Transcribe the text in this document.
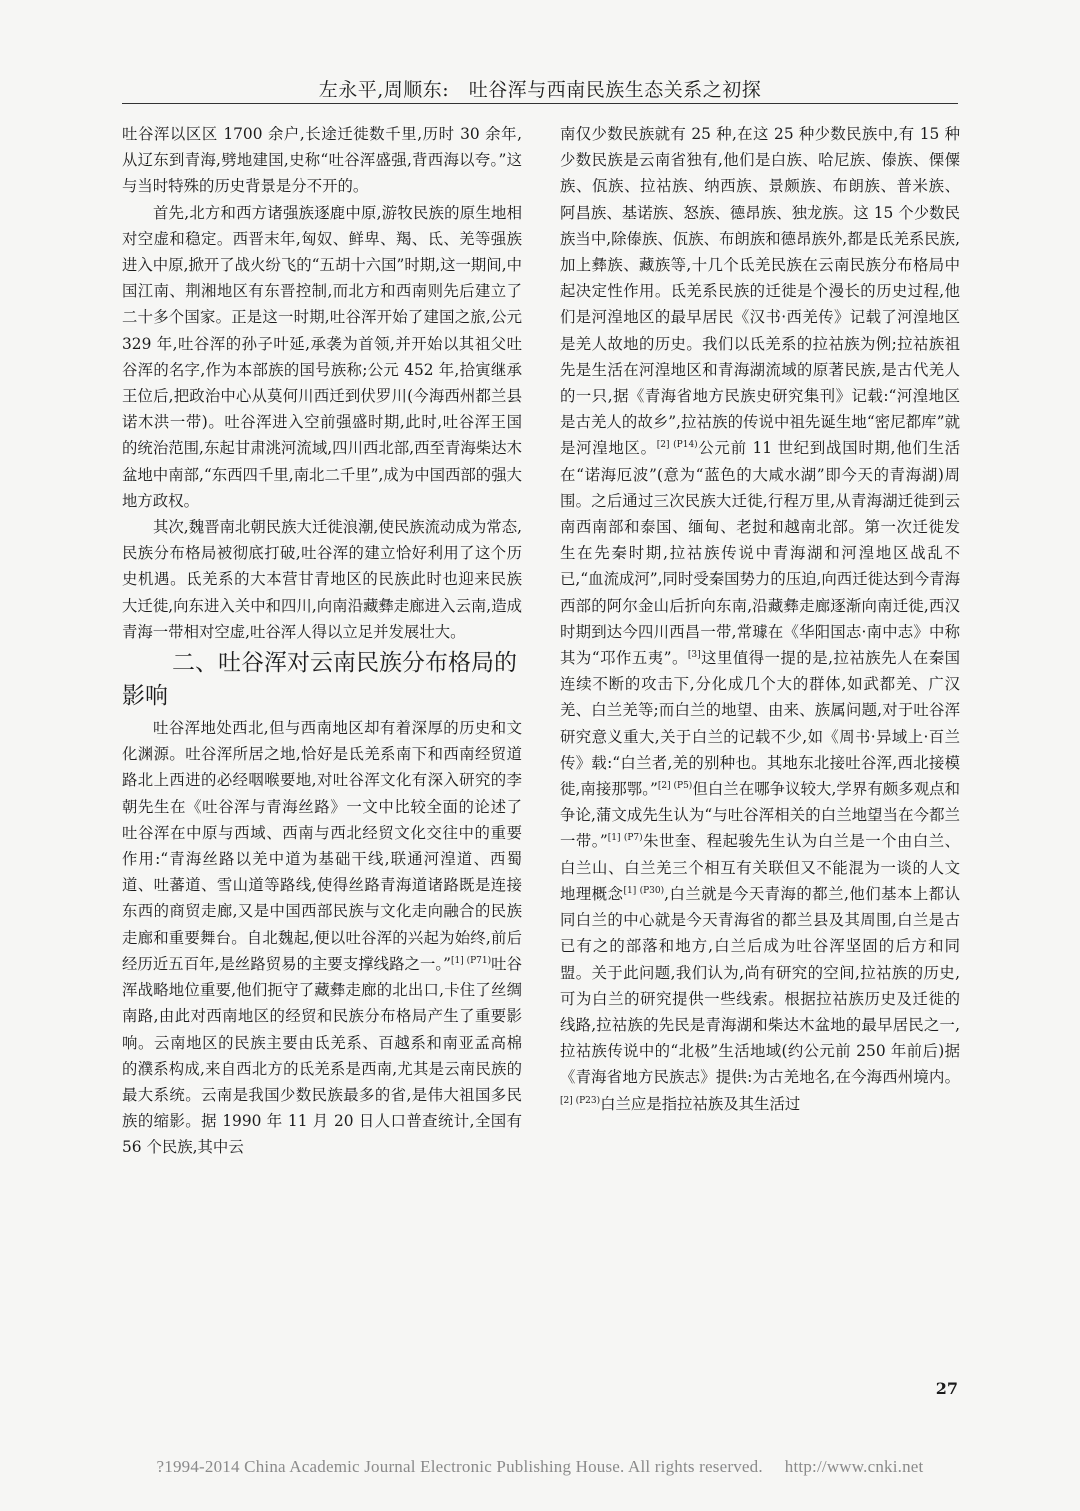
左永平,周顺东:　吐谷浑与西南民族生态关系之初探

吐谷浑以区区 1700 余户,长途迁徙数千里,历时 30 余年,从辽东到青海,劈地建国,史称“吐谷浑盛强,背西海以夸。”这与当时特殊的历史背景是分不开的。

首先,北方和西方诸强族逐鹿中原,游牧民族的原生地相对空虚和稳定。西晋末年,匈奴、鲜卑、羯、氐、羌等强族进入中原,掀开了战火纷飞的“五胡十六国”时期,这一期间,中国江南、荆湘地区有东晋控制,而北方和西南则先后建立了二十多个国家。正是这一时期,吐谷浑开始了建国之旅,公元 329 年,吐谷浑的孙子叶延,承袭为首领,并开始以其祖父吐谷浑的名字,作为本部族的国号族称;公元 452 年,拾寅继承王位后,把政治中心从莫何川西迁到伏罗川(今海西州都兰县诺木洪一带)。吐谷浑进入空前强盛时期,此时,吐谷浑王国的统治范围,东起甘肃洮河流域,四川西北部,西至青海柴达木盆地中南部,“东西四千里,南北二千里”,成为中国西部的强大地方政权。

其次,魏晋南北朝民族大迁徙浪潮,使民族流动成为常态,民族分布格局被彻底打破,吐谷浑的建立恰好利用了这个历史机遇。氐羌系的大本营甘青地区的民族此时也迎来民族大迁徙,向东进入关中和四川,向南沿藏彝走廊进入云南,造成青海一带相对空虚,吐谷浑人得以立足并发展壮大。

二、吐谷浑对云南民族分布格局的影响

吐谷浑地处西北,但与西南地区却有着深厚的历史和文化渊源。吐谷浑所居之地,恰好是氐羌系南下和西南经贸道路北上西进的必经咽喉要地,对吐谷浑文化有深入研究的李朝先生在《吐谷浑与青海丝路》一文中比较全面的论述了吐谷浑在中原与西域、西南与西北经贸文化交往中的重要作用:“青海丝路以羌中道为基础干线,联通河湟道、西蜀道、吐蕃道、雪山道等路线,使得丝路青海道诸路既是连接东西的商贸走廊,又是中国西部民族与文化走向融合的民族走廊和重要舞台。自北魏起,便以吐谷浑的兴起为始终,前后经历近五百年,是丝路贸易的主要支撑线路之一。”$^{[1] (P71)}$吐谷浑战略地位重要,他们扼守了藏彝走廊的北出口,卡住了丝绸南路,由此对西南地区的经贸和民族分布格局产生了重要影响。云南地区的民族主要由氐羌系、百越系和南亚孟高棉的濮系构成,来自西北方的氐羌系是西南,尤其是云南民族的最大系统。云南是我国少数民族最多的省,是伟大祖国多民族的缩影。据 1990 年 11 月 20 日人口普查统计,全国有 56 个民族,其中云

南仅少数民族就有 25 种,在这 25 种少数民族中,有 15 种少数民族是云南省独有,他们是白族、哈尼族、傣族、傈僳族、佤族、拉祜族、纳西族、景颇族、布朗族、普米族、阿昌族、基诺族、怒族、德昂族、独龙族。这 15 个少数民族当中,除傣族、佤族、布朗族和德昂族外,都是氐羌系民族,加上彝族、藏族等,十几个氐羌民族在云南民族分布格局中起决定性作用。氐羌系民族的迁徙是个漫长的历史过程,他们是河湟地区的最早居民《汉书·西羌传》记载了河湟地区是羌人故地的历史。我们以氐羌系的拉祜族为例;拉祜族祖先是生活在河湟地区和青海湖流域的原著民族,是古代羌人的一只,据《青海省地方民族史研究集刊》记载:“河湟地区是古羌人的故乡”,拉祜族的传说中祖先诞生地“密尼都库”就是河湟地区。$^{[2] (P14)}$公元前 11 世纪到战国时期,他们生活在“诺海厄波”(意为“蓝色的大咸水湖”即今天的青海湖)周围。之后通过三次民族大迁徙,行程万里,从青海湖迁徙到云南西南部和泰国、缅甸、老挝和越南北部。第一次迁徙发生在先秦时期,拉祜族传说中青海湖和河湟地区战乱不已,“血流成河”,同时受秦国势力的压迫,向西迁徙达到今青海西部的阿尔金山后折向东南,沿藏彝走廊逐渐向南迁徙,西汉时期到达今四川西昌一带,常璩在《华阳国志·南中志》中称其为“邛作五夷”。[3]这里值得一提的是,拉祜族先人在秦国连续不断的攻击下,分化成几个大的群体,如武都羌、广汉羌、白兰羌等;而白兰的地望、由来、族属问题,对于吐谷浑研究意义重大,关于白兰的记载不少,如《周书·异域上·百兰传》载:“白兰者,羌的别种也。其地东北接吐谷浑,西北接模徙,南接那鄂。”$^{[2] (P5)}$但白兰在哪争议较大,学界有颇多观点和争论,蒲文成先生认为“与吐谷浑相关的白兰地望当在今都兰一带。”$^{[1] (P7)}$朱世奎、程起骏先生认为白兰是一个由白兰、白兰山、白兰羌三个相互有关联但又不能混为一谈的人文地理概念$^{[1] (P30)}$,白兰就是今天青海的都兰,他们基本上都认同白兰的中心就是今天青海省的都兰县及其周围,白兰是古已有之的部落和地方,白兰后成为吐谷浑坚固的后方和同盟。关于此问题,我们认为,尚有研究的空间,拉祜族的历史,可为白兰的研究提供一些线索。根据拉祜族历史及迁徙的线路,拉祜族的先民是青海湖和柴达木盆地的最早居民之一,拉祜族传说中的“北极”生活地域(约公元前 250 年前后)据《青海省地方民族志》提供:为古羌地名,在今海西州境内。$^{[2] (P23)}$白兰应是指拉祜族及其生活过

27
?1994-2014 China Academic Journal Electronic Publishing House. All rights reserved. http://www.cnki.net
